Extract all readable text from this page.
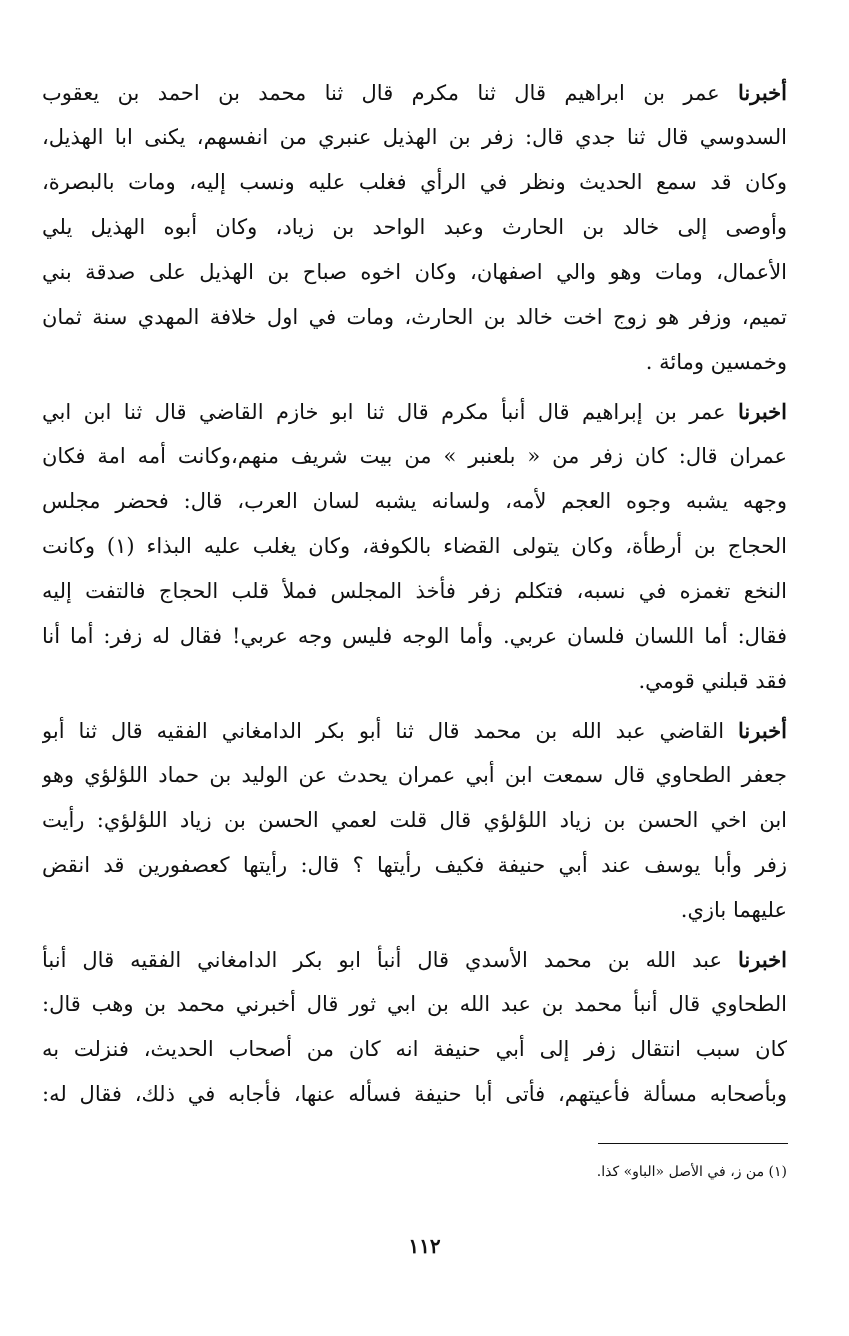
أخبرنا عمر بن ابراهيم قال ثنا مكرم قال ثنا محمد بن احمد بن يعقوب
السدوسي قال ثنا جدي قال: زفر بن الهذيل عنبري من انفسهم، يكنى ابا الهذيل،
وكان قد سمع الحديث ونظر في الرأي فغلب عليه ونسب إليه، ومات بالبصرة،
وأوصى إلى خالد بن الحارث وعبد الواحد بن زياد، وكان أبوه الهذيل يلي
الأعمال، ومات وهو والي اصفهان، وكان اخوه صباح بن الهذيل على صدقة بني
تميم، وزفر هو زوج اخت خالد بن الحارث، ومات في اول خلافة المهدي سنة ثمان
وخمسين ومائة .
اخبرنا عمر بن إبراهيم قال أنبأ مكرم قال ثنا ابو خازم القاضي قال ثنا ابن ابي
عمران قال: كان زفر من « بلعنبر » من بيت شريف منهم،وكانت أمه امة فكان
وجهه يشبه وجوه العجم لأمه، ولسانه يشبه لسان العرب، قال: فحضر مجلس
الحجاج بن أرطأة، وكان يتولى القضاء بالكوفة، وكان يغلب عليه البذاء (١) وكانت
النخع تغمزه في نسبه، فتكلم زفر فأخذ المجلس فملأ قلب الحجاج فالتفت إليه
فقال: أما اللسان فلسان عربي. وأما الوجه فليس وجه عربي! فقال له زفر: أما أنا
فقد قبلني قومي.
أخبرنا القاضي عبد الله بن محمد قال ثنا أبو بكر الدامغاني الفقيه قال ثنا أبو
جعفر الطحاوي قال سمعت ابن أبي عمران يحدث عن الوليد بن حماد اللؤلؤي وهو
ابن اخي الحسن بن زياد اللؤلؤي قال قلت لعمي الحسن بن زياد اللؤلؤي: رأيت
زفر وأبا يوسف عند أبي حنيفة فكيف رأيتها ؟ قال: رأيتها كعصفورين قد انقض
عليهما بازي.
اخبرنا عبد الله بن محمد الأسدي قال أنبأ ابو بكر الدامغاني الفقيه قال أنبأ
الطحاوي قال أنبأ محمد بن عبد الله بن ابي ثور قال أخبرني محمد بن وهب قال:
كان سبب انتقال زفر إلى أبي حنيفة انه كان من أصحاب الحديث، فنزلت به
وبأصحابه مسألة فأعيتهم، فأتى أبا حنيفة فسأله عنها، فأجابه في ذلك، فقال له:
(١) من ز، في الأصل «الباو» كذا.
١١٢
